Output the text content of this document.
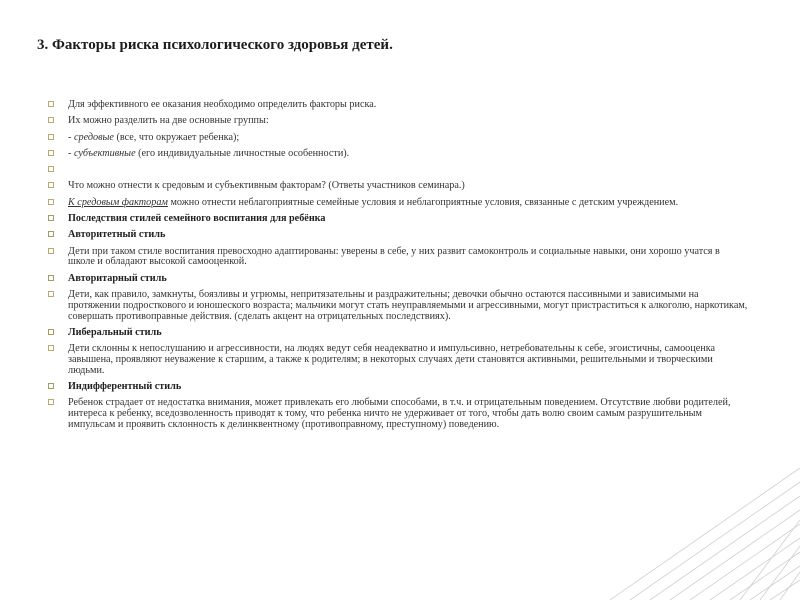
3. Факторы риска психологического здоровья детей.
Для эффективного ее оказания необходимо определить факторы риска.
Их можно разделить на две основные группы:
- средовые (все, что окружает ребенка);
- субъективные (его индивидуальные личностные особенности).
Что можно отнести к средовым и субъективным факторам? (Ответы участников семинара.)
К средовым факторам можно отнести неблагоприятные семейные условия и неблагоприятные условия, связанные с детским учреждением.
Последствия стилей семейного воспитания для ребёнка
Авторитетный стиль
Дети при таком стиле воспитания превосходно адаптированы: уверены в себе, у них развит самоконтроль и социальные навыки, они хорошо учатся в школе и обладают высокой самооценкой.
Авторитарный стиль
Дети, как правило, замкнуты, боязливы и угрюмы, непритязательны и раздражительны; девочки обычно остаются пассивными и зависимыми на протяжении подросткового и юношеского возраста; мальчики могут стать неуправляемыми и агрессивными, могут пристраститься к алкоголю, наркотикам, совершать противоправные действия. (сделать акцент на отрицательных последствиях).
Либеральный стиль
Дети склонны к непослушанию и агрессивности, на людях ведут себя неадекватно и импульсивно, нетребовательны к себе, эгоистичны, самооценка завышена, проявляют неуважение к старшим, а также к родителям; в некоторых случаях дети становятся активными, решительными и творческими людьми.
Индифферентный стиль
Ребенок страдает от недостатка внимания, может привлекать его любыми способами, в т.ч. и отрицательным поведением. Отсутствие любви родителей, интереса к ребенку, вседозволенность приводят к тому, что ребенка ничто не удерживает от того, чтобы дать волю своим самым разрушительным импульсам и проявить склонность к делинквентному (противоправному, преступному) поведению.
